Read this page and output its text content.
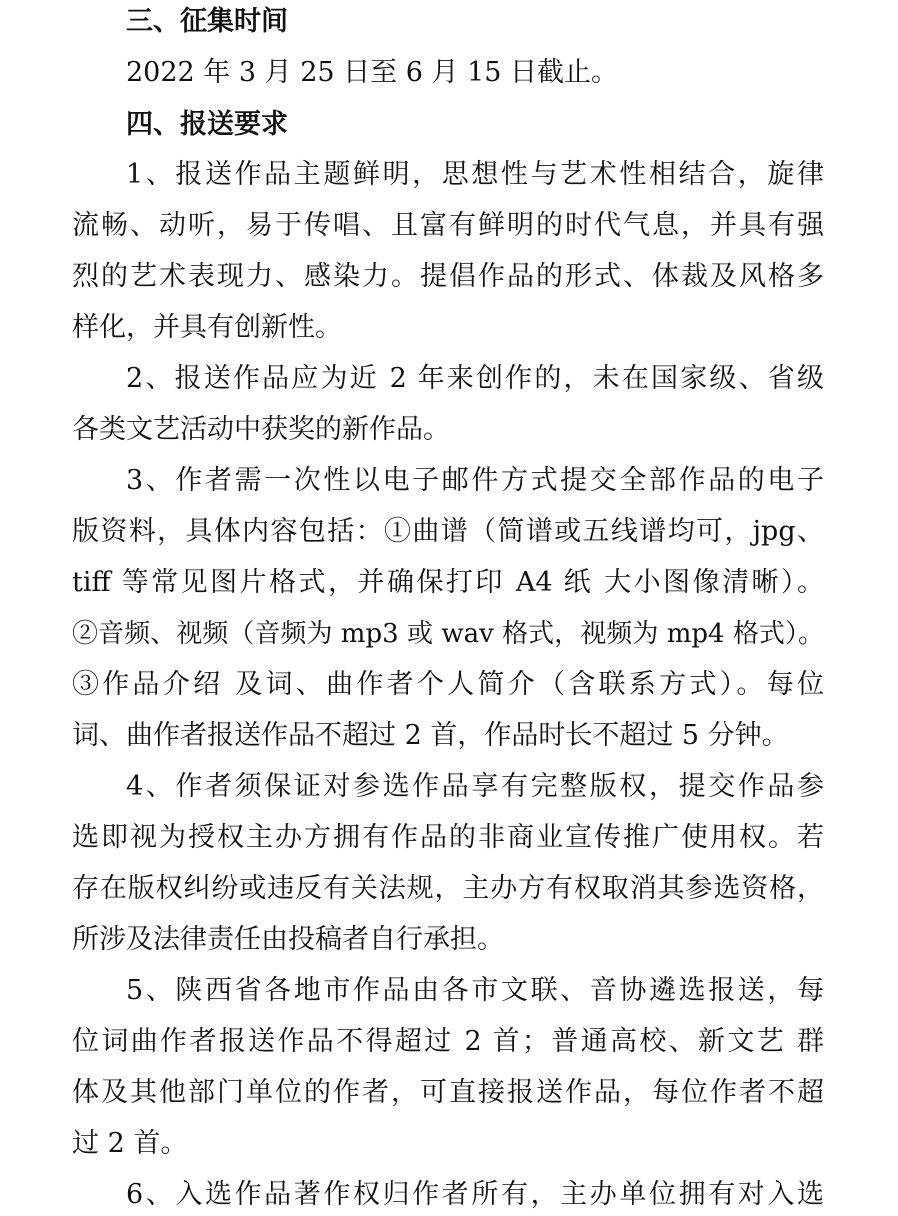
三、征集时间
2022 年 3 月 25 日至 6 月 15 日截止。
四、报送要求
1、报送作品主题鲜明，思想性与艺术性相结合，旋律
流畅、动听，易于传唱、且富有鲜明的时代气息，并具有强
烈的艺术表现力、感染力。提倡作品的形式、体裁及风格多
样化，并具有创新性。
2、报送作品应为近 2 年来创作的，未在国家级、省级
各类文艺活动中获奖的新作品。
3、作者需一次性以电子邮件方式提交全部作品的电子
版资料，具体内容包括：①曲谱（简谱或五线谱均可，jpg、
tiff 等常见图片格式，并确保打印 A4 纸 大小图像清晰）。
②音频、视频（音频为 mp3 或 wav 格式，视频为 mp4 格式）。
③作品介绍 及词、曲作者个人简介（含联系方式）。每位
词、曲作者报送作品不超过 2 首，作品时长不超过 5 分钟。
4、作者须保证对参选作品享有完整版权，提交作品参
选即视为授权主办方拥有作品的非商业宣传推广使用权。若
存在版权纠纷或违反有关法规，主办方有权取消其参选资格，
所涉及法律责任由投稿者自行承担。
5、陕西省各地市作品由各市文联、音协遴选报送，每
位词曲作者报送作品不得超过 2 首；普通高校、新文艺 群
体及其他部门单位的作者，可直接报送作品，每位作者不超
过 2 首。
6、入选作品著作权归作者所有，主办单位拥有对入选
